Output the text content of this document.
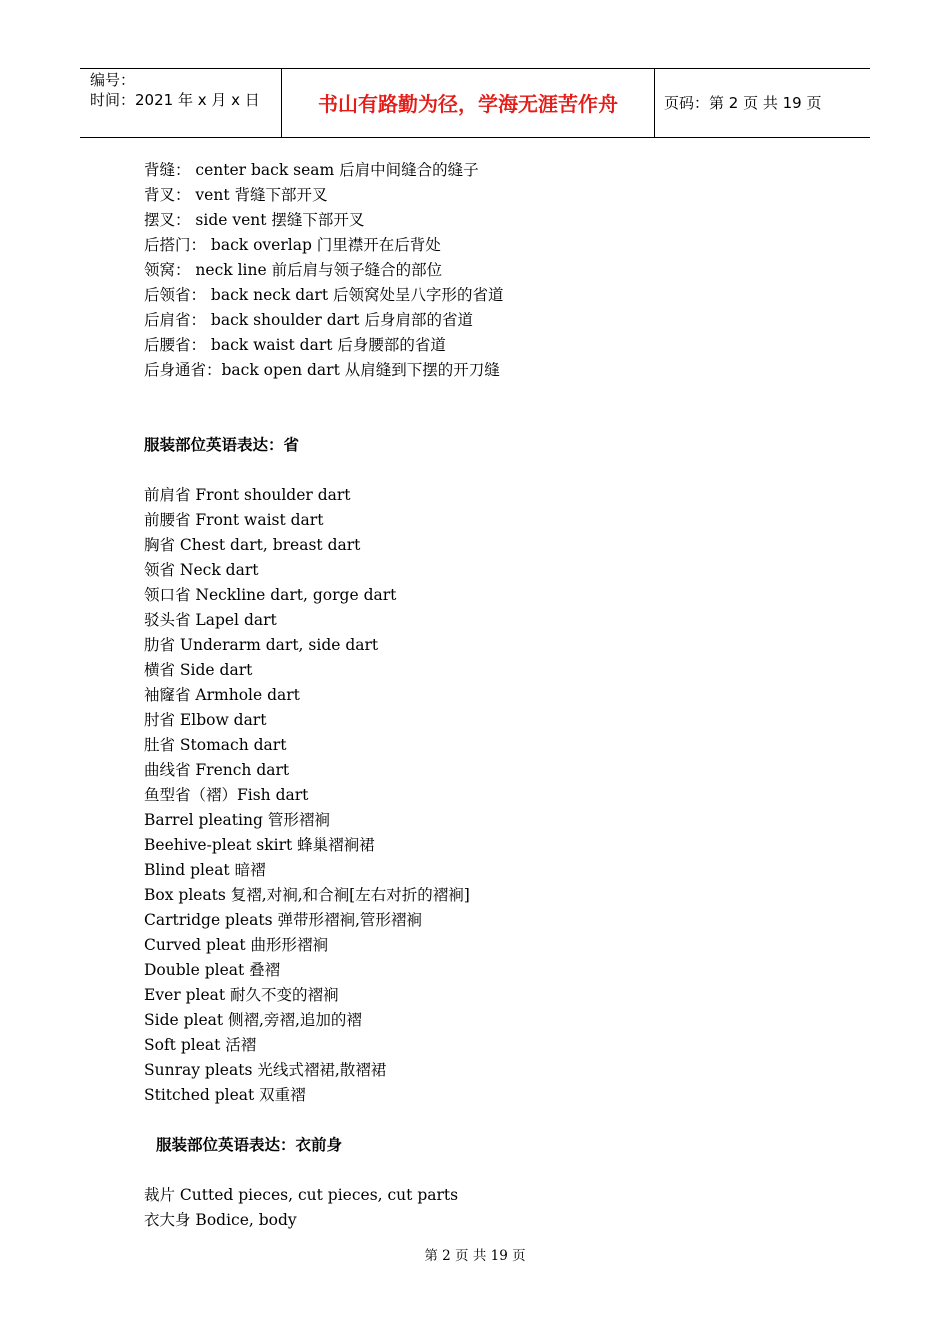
编号：
时间：2021 年 x 月 x 日	书山有路勤为径，学海无涯苦作舟	页码：第 2 页 共 19 页
背缝： center back seam 后肩中间缝合的缝子
背叉： vent 背缝下部开叉
摆叉： side vent 摆缝下部开叉
后搭门： back overlap 门里襟开在后背处
领窝： neck line 前后肩与领子缝合的部位
后领省： back neck dart 后领窝处呈八字形的省道
后肩省： back shoulder dart 后身肩部的省道
后腰省： back waist dart 后身腰部的省道
后身通省：back open dart 从肩缝到下摆的开刀缝
服装部位英语表达：省
前肩省 Front shoulder dart
前腰省 Front waist dart
胸省 Chest dart, breast dart
领省 Neck dart
领口省 Neckline dart, gorge dart
驳头省 Lapel dart
肋省 Underarm dart, side dart
横省 Side dart
袖窿省 Armhole dart
肘省 Elbow dart
肚省 Stomach dart
曲线省 French dart
鱼型省（褶）Fish dart
Barrel pleating 管形褶裥
Beehive-pleat skirt 蜂巢褶裥裙
Blind pleat 暗褶
Box pleats 复褶,对裥,和合裥[左右对折的褶裥]
Cartridge pleats 弹带形褶裥,管形褶裥
Curved pleat 曲形形褶裥
Double pleat 叠褶
Ever pleat 耐久不变的褶裥
Side pleat 侧褶,旁褶,追加的褶
Soft pleat 活褶
Sunray pleats 光线式褶裙,散褶裙
Stitched pleat 双重褶
服装部位英语表达：衣前身
裁片 Cutted pieces, cut pieces, cut parts
衣大身 Bodice, body
第 2 页 共 19 页
